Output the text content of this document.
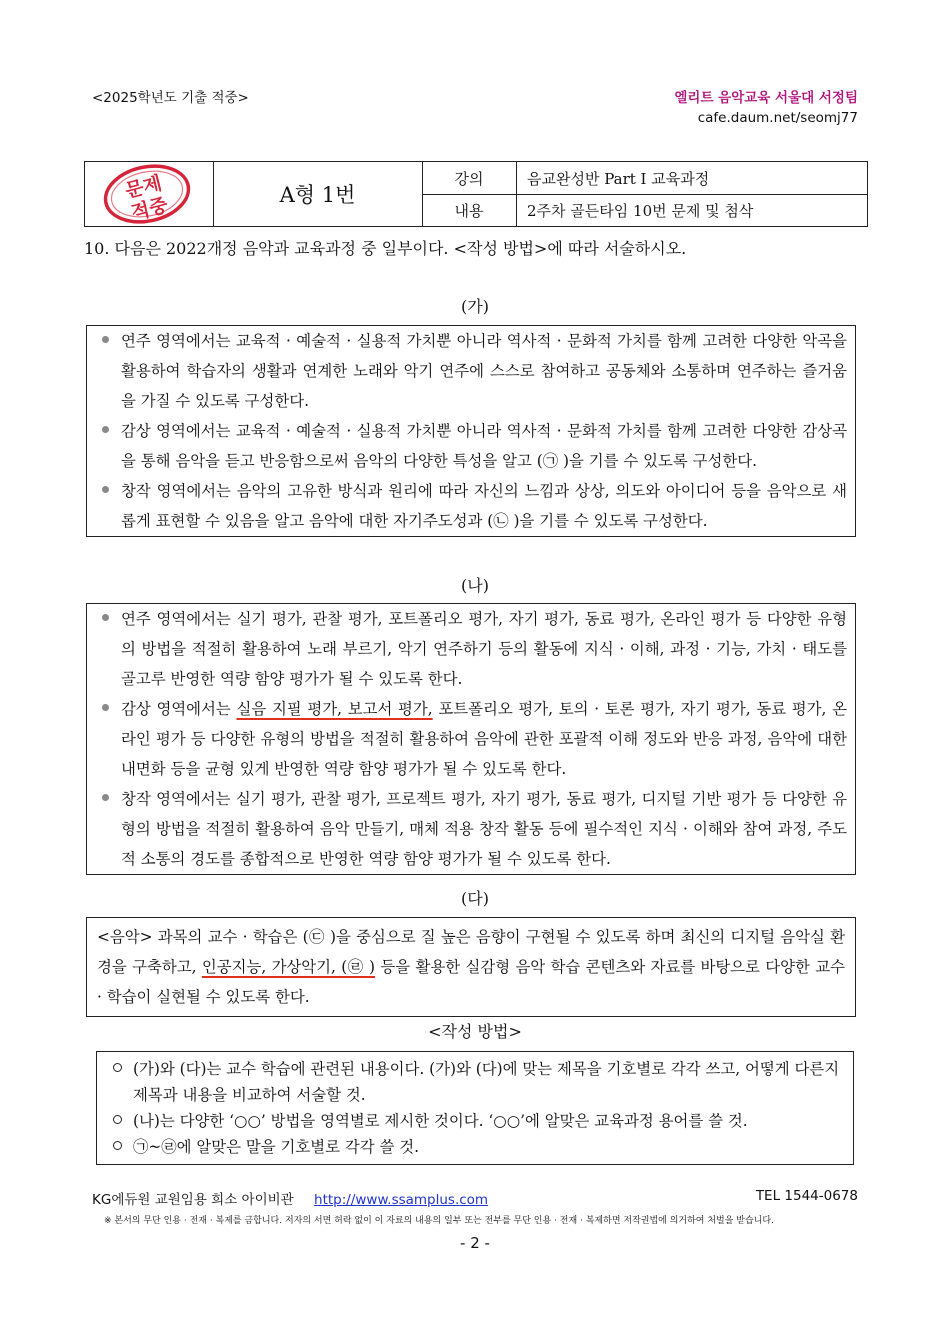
<2025학년도 기출 적중>	엘리트 음악교육 서울대 서정팀
cafe.daum.net/seomj77
문제
적중	A형 1번
강의	음교완성반 Part I 교육과정
내용	2주차 골든타임 10번 문제 및 첨삭
10. 다음은 2022개정 음악과 교육과정 중 일부이다. <작성 방법>에 따라 서술하시오.
(가)
연주 영역에서는 교육적 · 예술적 · 실용적 가치뿐 아니라 역사적 · 문화적 가치를 함께 고려한 다양한 악곡을 활용하여 학습자의 생활과 연계한 노래와 악기 연주에 스스로 참여하고 공동체와 소통하며 연주하는 즐거움을 가질 수 있도록 구성한다.
감상 영역에서는 교육적 · 예술적 · 실용적 가치뿐 아니라 역사적 · 문화적 가치를 함께 고려한 다양한 감상곡을 통해 음악을 듣고 반응함으로써 음악의 다양한 특성을 알고 (㉠ )을 기를 수 있도록 구성한다.
창작 영역에서는 음악의 고유한 방식과 원리에 따라 자신의 느낌과 상상, 의도와 아이디어 등을 음악으로 새롭게 표현할 수 있음을 알고 음악에 대한 자기주도성과 (㉡ )을 기를 수 있도록 구성한다.
(나)
연주 영역에서는 실기 평가, 관찰 평가, 포트폴리오 평가, 자기 평가, 동료 평가, 온라인 평가 등 다양한 유형의 방법을 적절히 활용하여 노래 부르기, 악기 연주하기 등의 활동에 지식 · 이해, 과정 · 기능, 가치 · 태도를 골고루 반영한 역량 함양 평가가 될 수 있도록 한다.
감상 영역에서는 실음 지필 평가, 보고서 평가, 포트폴리오 평가, 토의 · 토론 평가, 자기 평가, 동료 평가, 온라인 평가 등 다양한 유형의 방법을 적절히 활용하여 음악에 관한 포괄적 이해 정도와 반응 과정, 음악에 대한 내면화 등을 균형 있게 반영한 역량 함양 평가가 될 수 있도록 한다.
창작 영역에서는 실기 평가, 관찰 평가, 프로젝트 평가, 자기 평가, 동료 평가, 디지털 기반 평가 등 다양한 유형의 방법을 적절히 활용하여 음악 만들기, 매체 적용 창작 활동 등에 필수적인 지식 · 이해와 참여 과정, 주도적 소통의 경도를 종합적으로 반영한 역량 함양 평가가 될 수 있도록 한다.
(다)

<음악> 과목의 교수 · 학습은 (㉢ )을 중심으로 질 높은 음향이 구현될 수 있도록 하며 최신의 디지털 음악실 환경을 구축하고, 인공지능, 가상악기, (㉣ ) 등을 활용한 실감형 음악 학습 콘텐츠와 자료를 바탕으로 다양한 교수 · 학습이 실현될 수 있도록 한다.

<작성 방법>
(가)와 (다)는 교수 학습에 관련된 내용이다. (가)와 (다)에 맞는 제목을 기호별로 각각 쓰고, 어떻게 다른지 제목과 내용을 비교하여 서술할 것.
(나)는 다양한 ‘○○’ 방법을 영역별로 제시한 것이다. ‘○○’에 알맞은 교육과정 용어를 쓸 것.
㉠~㉣에 알맞은 말을 기호별로 각각 쓸 것.
KG에듀원 교원임용 희소 아이비관 http://www.ssamplus.com	TEL 1544-0678
※ 본서의 무단 인용 · 전재 · 복제를 금합니다. 저자의 서면 허락 없이 이 자료의 내용의 일부 또는 전부를 무단 인용 · 전재 · 복제하면 저작권법에 의거하여 처벌을 받습니다.
- 2 -
